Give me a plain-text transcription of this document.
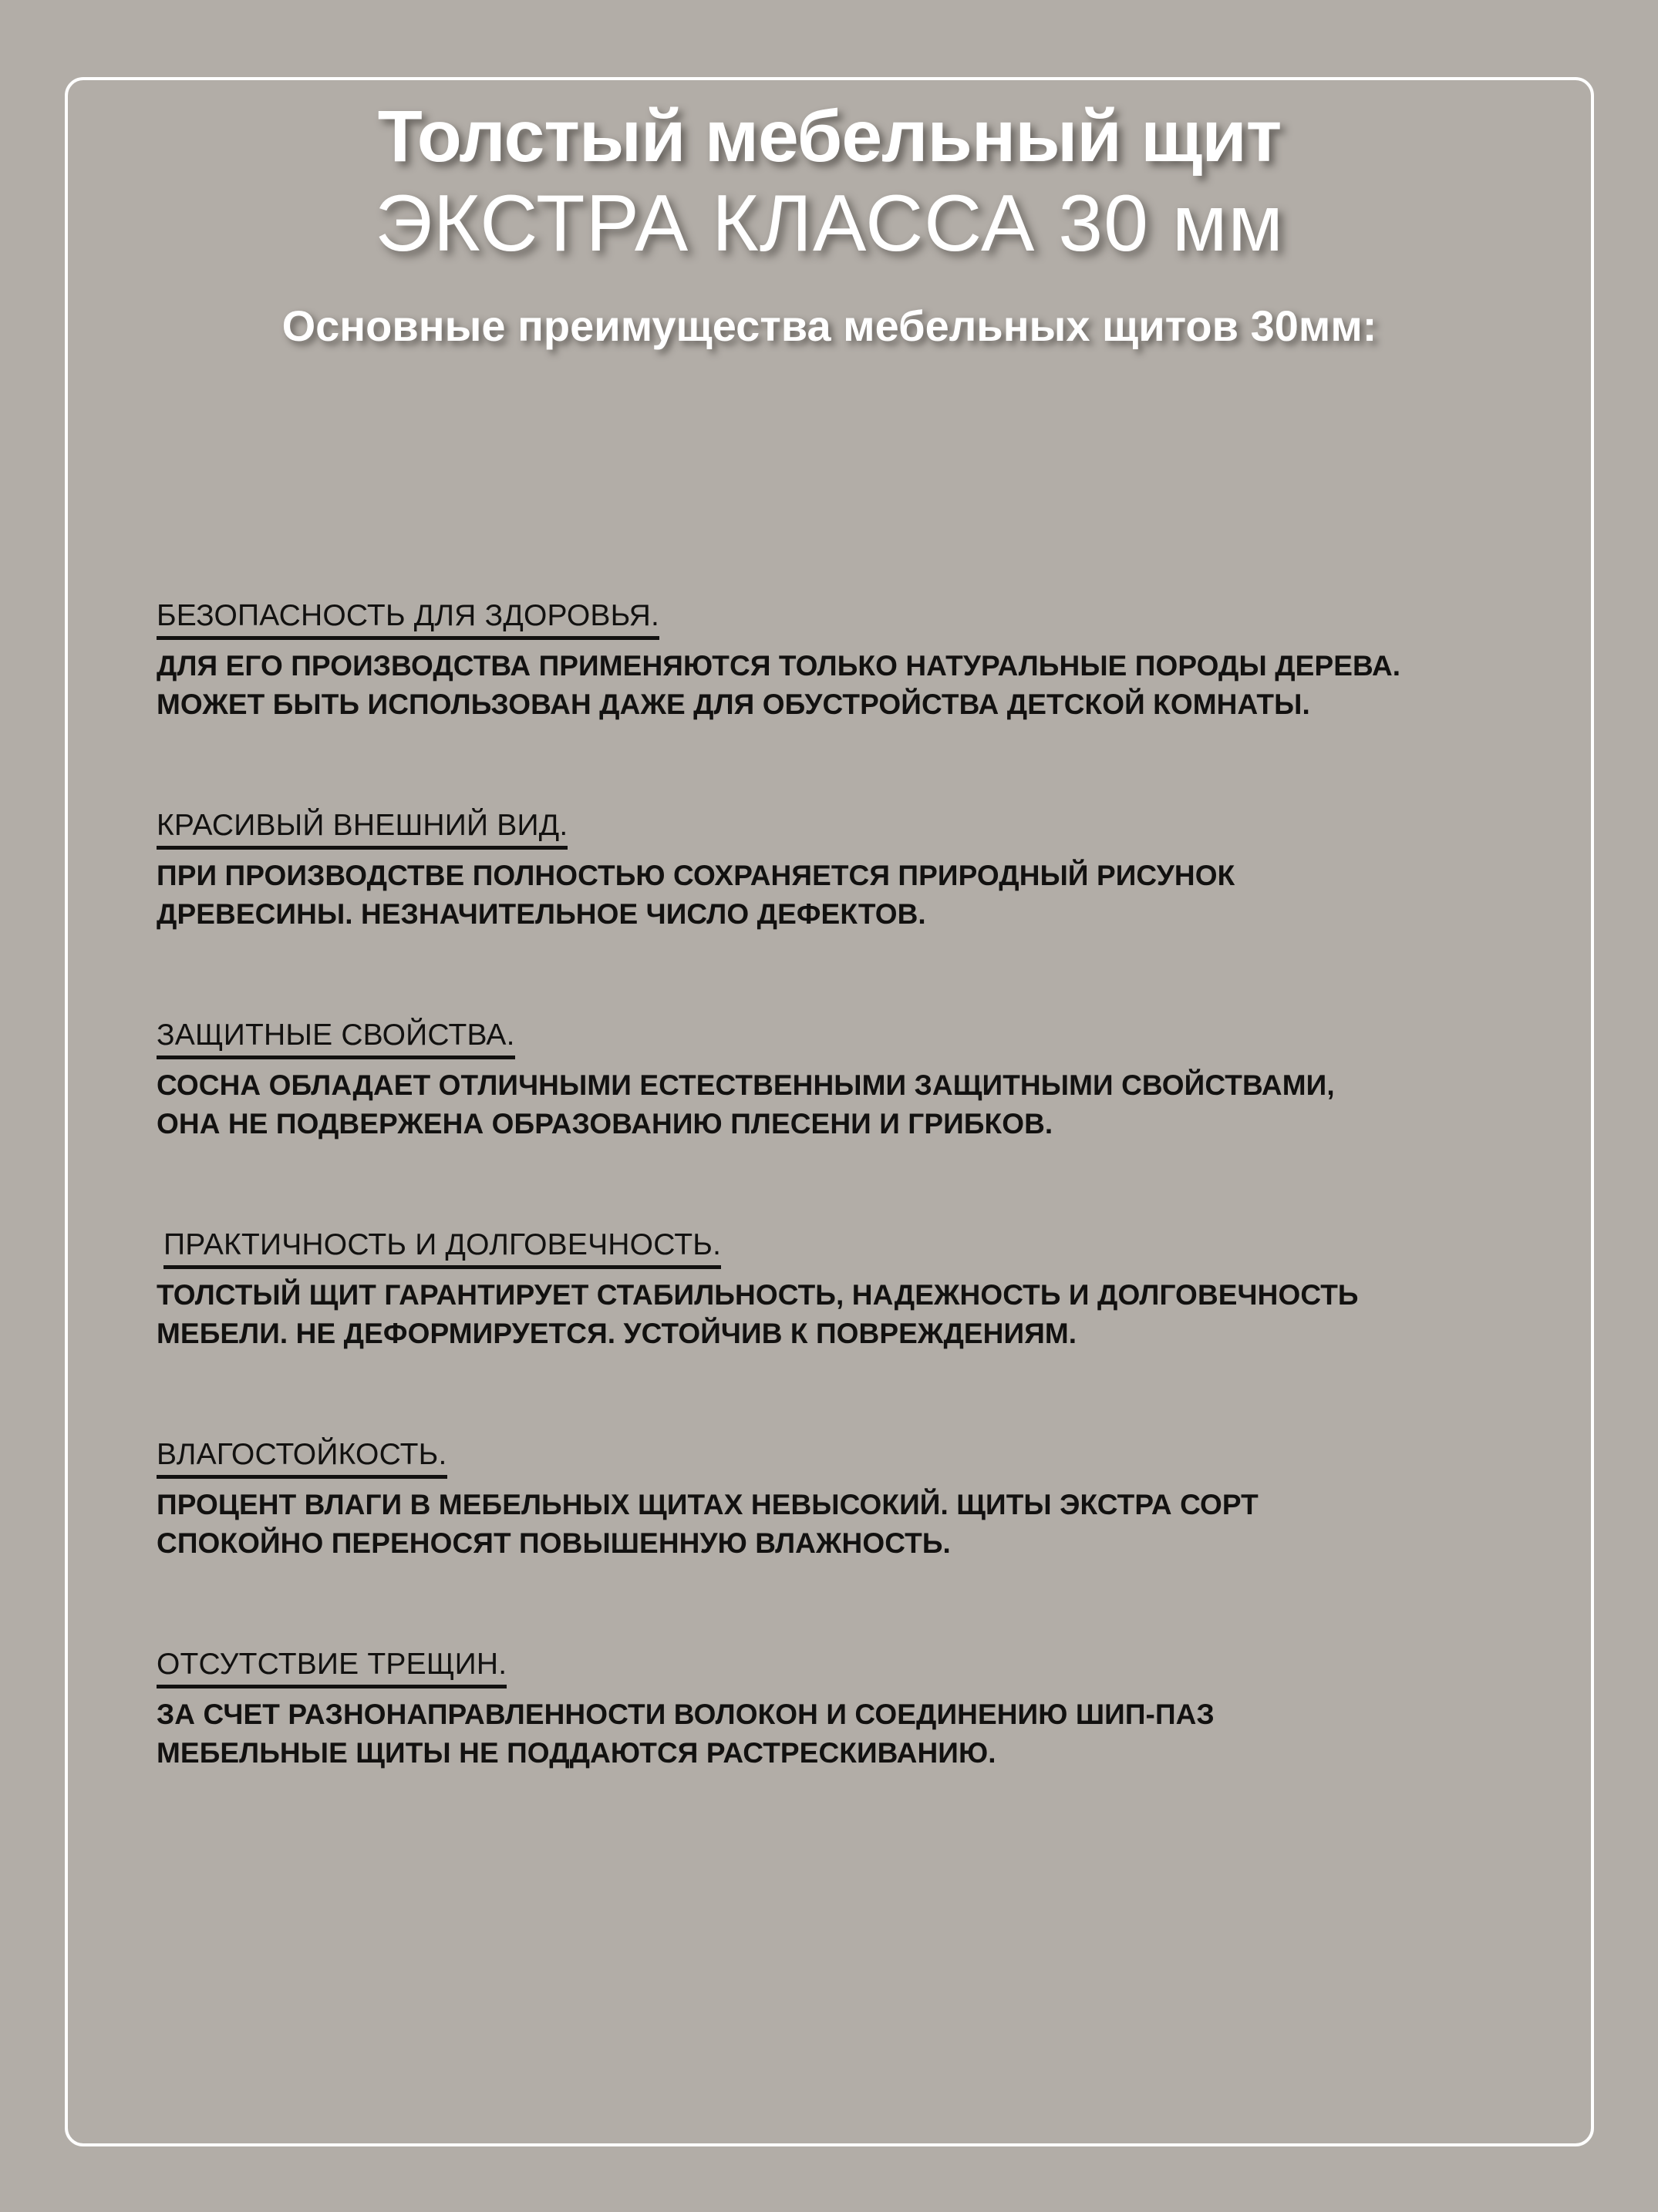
Толстый мебельный щит
ЭКСТРА КЛАССА 30 мм
Основные преимущества мебельных щитов 30мм:
БЕЗОПАСНОСТЬ ДЛЯ ЗДОРОВЬЯ.
ДЛЯ ЕГО ПРОИЗВОДСТВА ПРИМЕНЯЮТСЯ ТОЛЬКО НАТУРАЛЬНЫЕ ПОРОДЫ ДЕРЕВА.
МОЖЕТ БЫТЬ ИСПОЛЬЗОВАН ДАЖЕ ДЛЯ ОБУСТРОЙСТВА ДЕТСКОЙ КОМНАТЫ.
КРАСИВЫЙ ВНЕШНИЙ ВИД.
ПРИ ПРОИЗВОДСТВЕ ПОЛНОСТЬЮ СОХРАНЯЕТСЯ ПРИРОДНЫЙ РИСУНОК
ДРЕВЕСИНЫ. НЕЗНАЧИТЕЛЬНОЕ ЧИСЛО ДЕФЕКТОВ.
ЗАЩИТНЫЕ СВОЙСТВА.
СОСНА ОБЛАДАЕТ ОТЛИЧНЫМИ ЕСТЕСТВЕННЫМИ ЗАЩИТНЫМИ СВОЙСТВАМИ,
ОНА НЕ ПОДВЕРЖЕНА ОБРАЗОВАНИЮ ПЛЕСЕНИ И ГРИБКОВ.
ПРАКТИЧНОСТЬ И ДОЛГОВЕЧНОСТЬ.
ТОЛСТЫЙ ЩИТ ГАРАНТИРУЕТ СТАБИЛЬНОСТЬ, НАДЕЖНОСТЬ И ДОЛГОВЕЧНОСТЬ
МЕБЕЛИ. НЕ ДЕФОРМИРУЕТСЯ. УСТОЙЧИВ К ПОВРЕЖДЕНИЯМ.
ВЛАГОСТОЙКОСТЬ.
ПРОЦЕНТ ВЛАГИ В МЕБЕЛЬНЫХ ЩИТАХ НЕВЫСОКИЙ. ЩИТЫ ЭКСТРА СОРТ
СПОКОЙНО ПЕРЕНОСЯТ ПОВЫШЕННУЮ ВЛАЖНОСТЬ.
ОТСУТСТВИЕ ТРЕЩИН.
ЗА СЧЕТ РАЗНОНАПРАВЛЕННОСТИ ВОЛОКОН И СОЕДИНЕНИЮ ШИП-ПАЗ
МЕБЕЛЬНЫЕ ЩИТЫ НЕ ПОДДАЮТСЯ РАСТРЕСКИВАНИЮ.
